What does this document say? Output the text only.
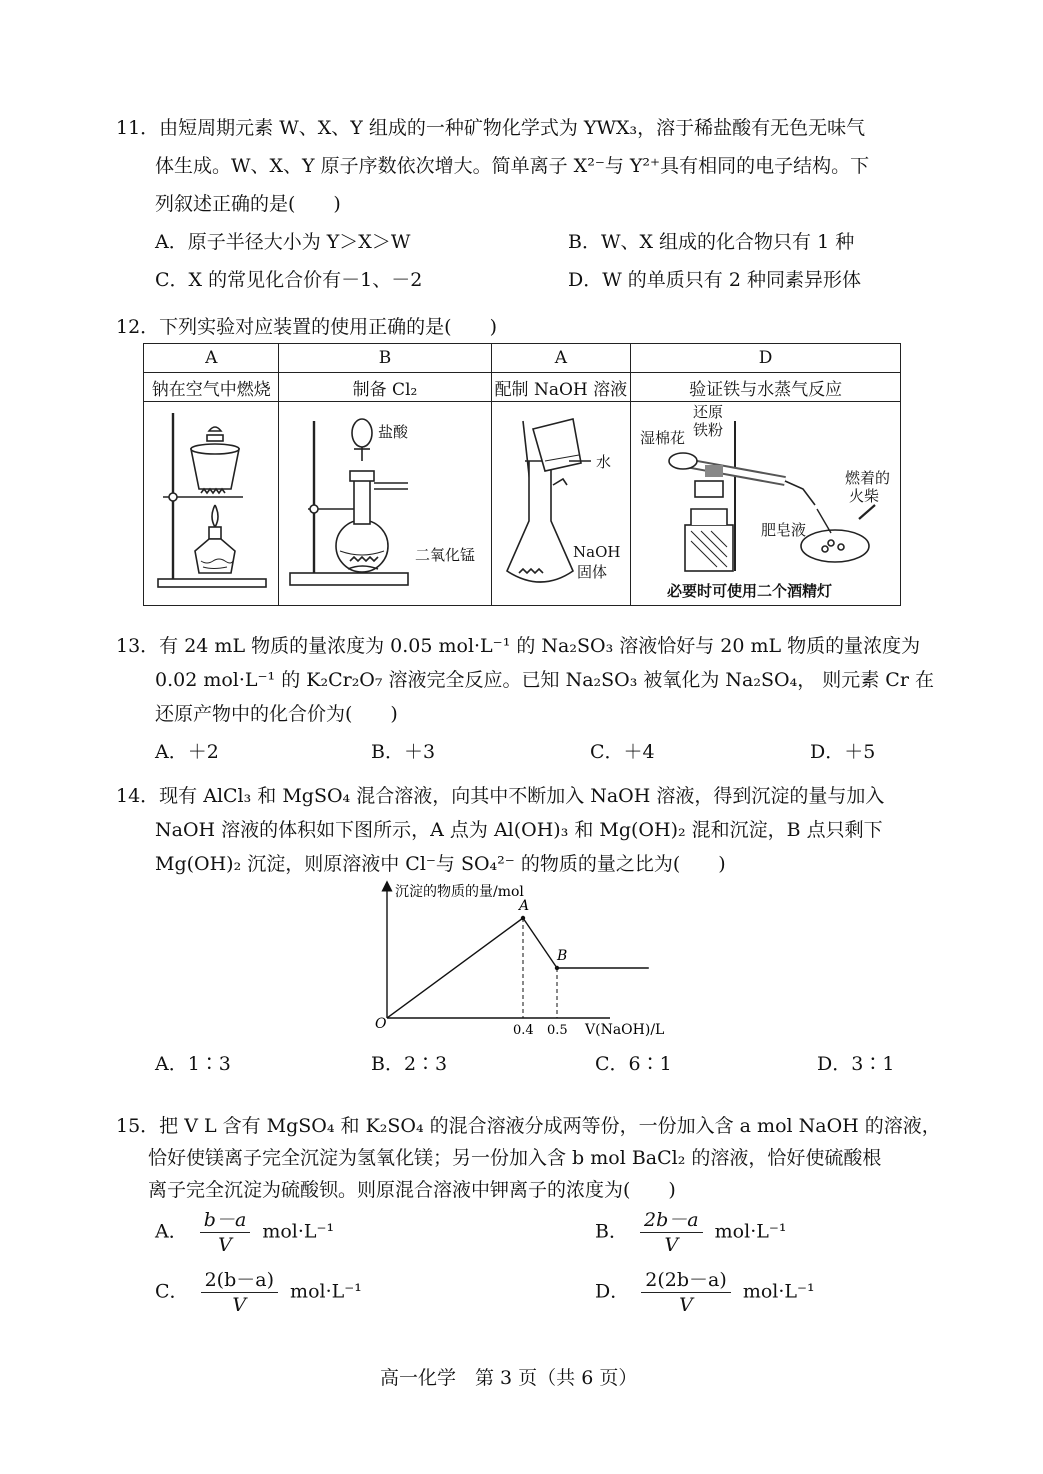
11．由短周期元素 W、X、Y 组成的一种矿物化学式为 YWX₃，溶于稀盐酸有无色无味气
体生成。W、X、Y 原子序数依次增大。简单离子 X²⁻与 Y²⁺具有相同的电子结构。下
列叙述正确的是(　　)
A．原子半径大小为 Y＞X＞W	B．W、X 组成的化合物只有 1 种
C．X 的常见化合价有－1、－2	D．W 的单质只有 2 种同素异形体
12．下列实验对应装置的使用正确的是(　　)
A	B	A	D
钠在空气中燃烧	制备 Cl₂	配制 NaOH 溶液	验证铁与水蒸气反应

盐酸
二氧化锰
水
NaOH
固体
还原
铁粉
湿棉花
燃着的
火柴
肥皂液
必要时可使用二个酒精灯
13．有 24 mL 物质的量浓度为 0.05 mol·L⁻¹ 的 Na₂SO₃ 溶液恰好与 20 mL 物质的量浓度为
0.02 mol·L⁻¹ 的 K₂Cr₂O₇ 溶液完全反应。已知 Na₂SO₃ 被氧化为 Na₂SO₄， 则元素 Cr 在
还原产物中的化合价为(　　)
A．＋2	B．＋3	C．＋4	D．＋5
14．现有 AlCl₃ 和 MgSO₄ 混合溶液，向其中不断加入 NaOH 溶液，得到沉淀的量与加入
NaOH 溶液的体积如下图所示，A 点为 Al(OH)₃ 和 Mg(OH)₂ 混和沉淀，B 点只剩下
Mg(OH)₂ 沉淀，则原溶液中 Cl⁻与 SO₄²⁻ 的物质的量之比为(　　)
沉淀的物质的量/mol
O	V(NaOH)/L
A
B
0.4 0.5
A．1∶3	B．2∶3	C．6∶1	D．3∶1
15．把 V L 含有 MgSO₄ 和 K₂SO₄ 的混合溶液分成两等份，一份加入含 a mol NaOH 的溶液，
恰好使镁离子完全沉淀为氢氧化镁；另一份加入含 b mol BaCl₂ 的溶液，恰好使硫酸根
离子完全沉淀为硫酸钡。则原混合溶液中钾离子的浓度为(　　)
A． $\frac{b-a}{V} mol\cdot L^{-1}$	B． $\frac{2b-a}{V} mol\cdot L^{-1}$
C． $\frac{2(b-a)}{V} mol\cdot L^{-1}$	D． $\frac{2(2b-a)}{V} mol\cdot L^{-1}$
高一化学　第 3 页（共 6 页）
